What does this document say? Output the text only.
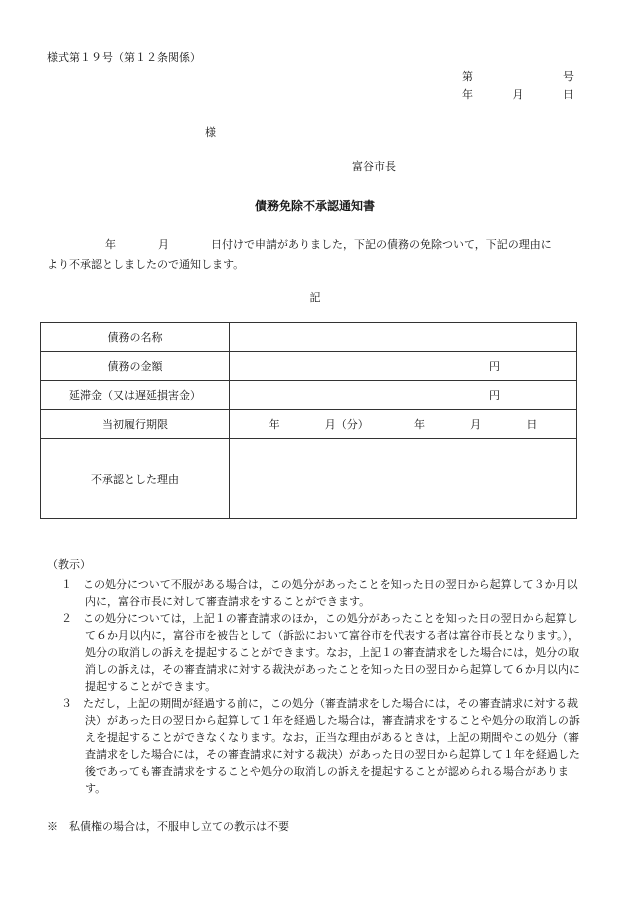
様式第１９号（第１２条関係）
第	号
年	月	日
様
富谷市長
債務免除不承認通知書
年	月	日付けで申請がありました，下記の債務の免除ついて，下記の理由に
より不承認としましたので通知します。
記
債務の名称	
債務の金額	円

延滞金（又は遅延損害金）	円

当初履行期限	年 月（分） 年 月 日

不承認とした理由	
（教示）

１　この処分について不服がある場合は，この処分があったことを知った日の翌日から起算して３か月以内に，富谷市長に対して審査請求をすることができます。

２　この処分については，上記１の審査請求のほか，この処分があったことを知った日の翌日から起算して６か月以内に，富谷市を被告として（訴訟において富谷市を代表する者は富谷市長となります。），処分の取消しの訴えを提起することができます。なお，上記１の審査請求をした場合には，処分の取消しの訴えは，その審査請求に対する裁決があったことを知った日の翌日から起算して６か月以内に提起することができます。

３　ただし，上記の期間が経過する前に，この処分（審査請求をした場合には，その審査請求に対する裁決）があった日の翌日から起算して１年を経過した場合は，審査請求をすることや処分の取消しの訴えを提起することができなくなります。なお，正当な理由があるときは，上記の期間やこの処分（審査請求をした場合には，その審査請求に対する裁決）があった日の翌日から起算して１年を経過した後であっても審査請求をすることや処分の取消しの訴えを提起することが認められる場合があります。

※　私債権の場合は，不服申し立ての教示は不要
